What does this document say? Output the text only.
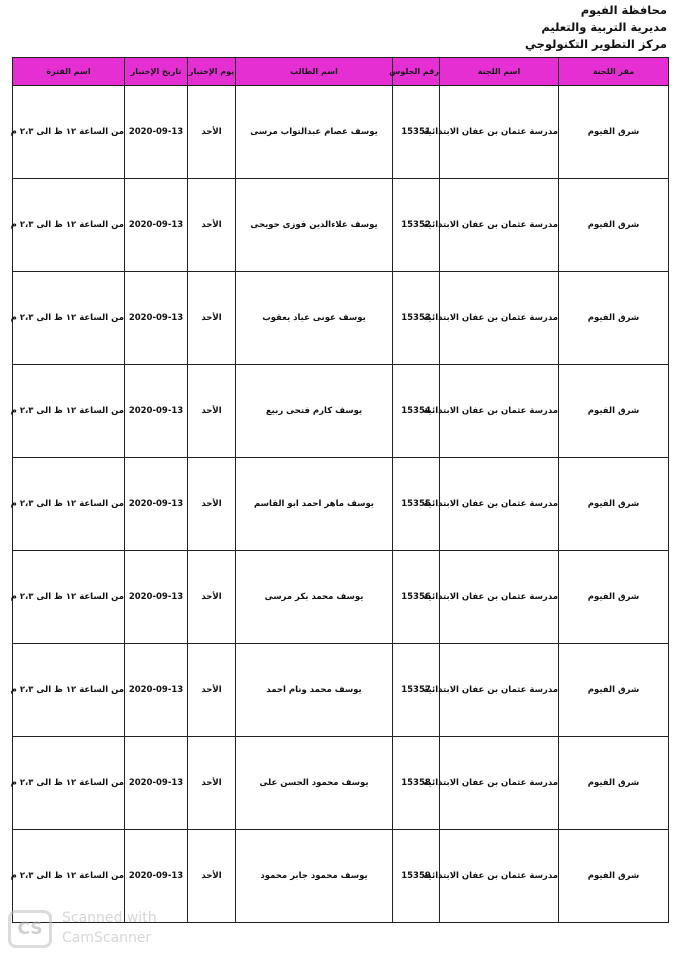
محافظة الفيوم
مديرية التربية والتعليم
مركز التطوير التكنولوجي
اسم الفترة	تاريخ الإختبار	يوم الإختبار	اسم الطالب	رقم الجلوس	اسم اللجنة	مقر اللجنة
من الساعة ١٢ ظ الى ٢،٣ م	2020-09-13	الأحد	يوسف عصام عبدالتواب مرسى	15351	مدرسة عثمان بن عفان الابتدائية	شرق الفيوم
من الساعة ١٢ ظ الى ٢،٣ م	2020-09-13	الأحد	يوسف علاءالدين فوزى حويحى	15352	مدرسة عثمان بن عفان الابتدائية	شرق الفيوم
من الساعة ١٢ ظ الى ٢،٣ م	2020-09-13	الأحد	يوسف عونى عياد يعقوب	15353	مدرسة عثمان بن عفان الابتدائية	شرق الفيوم
من الساعة ١٢ ظ الى ٢،٣ م	2020-09-13	الأحد	يوسف كارم فتحى ربيع	15354	مدرسة عثمان بن عفان الابتدائية	شرق الفيوم
من الساعة ١٢ ظ الى ٢،٣ م	2020-09-13	الأحد	يوسف ماهر احمد ابو القاسم	15355	مدرسة عثمان بن عفان الابتدائية	شرق الفيوم
من الساعة ١٢ ظ الى ٢،٣ م	2020-09-13	الأحد	يوسف محمد بكر مرسى	15356	مدرسة عثمان بن عفان الابتدائية	شرق الفيوم
من الساعة ١٢ ظ الى ٢،٣ م	2020-09-13	الأحد	يوسف محمد ونام احمد	15357	مدرسة عثمان بن عفان الابتدائية	شرق الفيوم
من الساعة ١٢ ظ الى ٢،٣ م	2020-09-13	الأحد	يوسف محمود الحسن على	15358	مدرسة عثمان بن عفان الابتدائية	شرق الفيوم
من الساعة ١٢ ظ الى ٢،٣ م	2020-09-13	الأحد	يوسف محمود جابر محمود	15359	مدرسة عثمان بن عفان الابتدائية	شرق الفيوم
CS
Scanned with
CamScanner
